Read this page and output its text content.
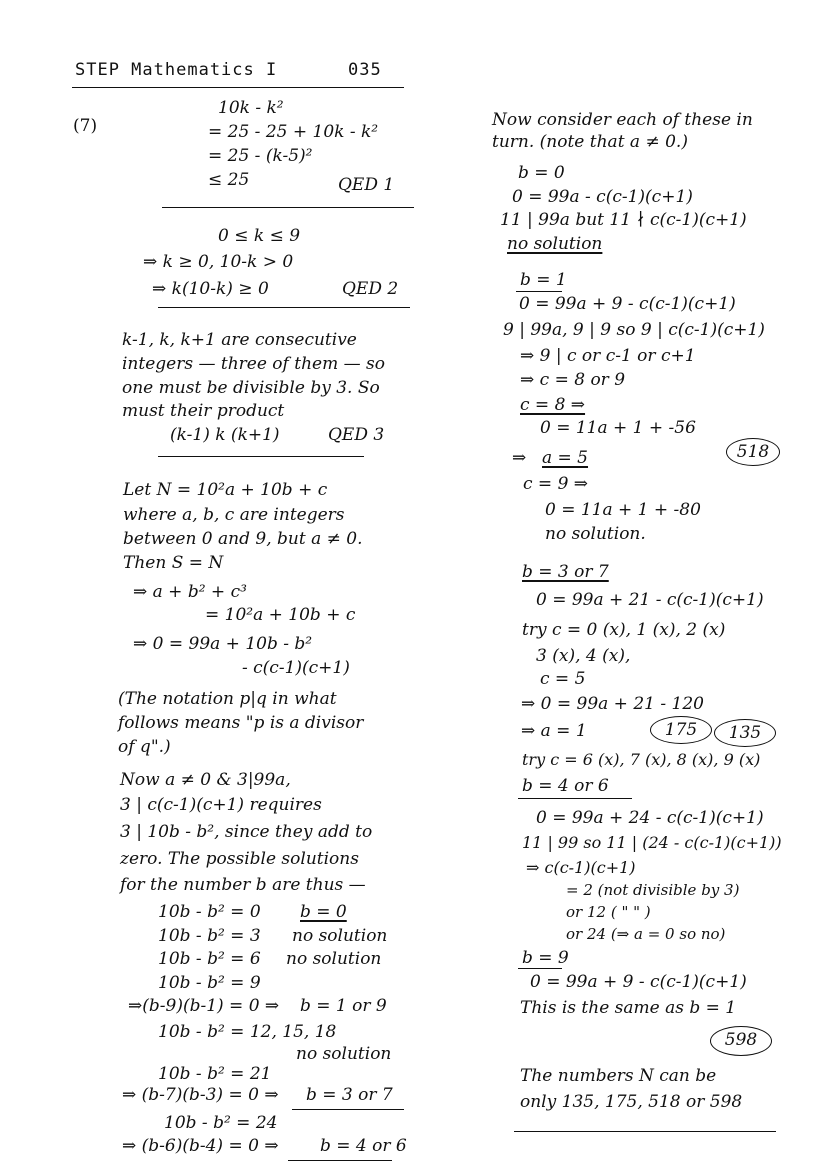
STEP Mathematics I	035
(7)
10k - k²
= 25 - 25 + 10k - k²
= 25 - (k-5)²
≤ 25	QED 1
0 ≤ k ≤ 9
⇒ k ≥ 0, 10-k > 0
⇒ k(10-k) ≥ 0	QED 2
k-1, k, k+1 are consecutive
integers — three of them — so
one must be divisible by 3. So
must their product
(k-1) k (k+1)	QED 3
Let N = 10²a + 10b + c
where a, b, c are integers
between 0 and 9, but a ≠ 0.
Then S = N
⇒ a + b² + c³
= 10²a + 10b + c
⇒ 0 = 99a + 10b - b²
- c(c-1)(c+1)
(The notation p|q in what
follows means "p is a divisor
of q".)
Now a ≠ 0 & 3|99a,
3 | c(c-1)(c+1) requires
3 | 10b - b², since they add to
zero. The possible solutions
for the number b are thus —
10b - b² = 0 b = 0
10b - b² = 3 no solution
10b - b² = 6 no solution
10b - b² = 9
⇒(b-9)(b-1) = 0 ⇒ b = 1 or 9
10b - b² = 12, 15, 18
no solution
10b - b² = 21
⇒ (b-7)(b-3) = 0 ⇒ b = 3 or 7
10b - b² = 24
⇒ (b-6)(b-4) = 0 ⇒ b = 4 or 6
Now consider each of these in
turn. (note that a ≠ 0.)
b = 0
0 = 99a - c(c-1)(c+1)
11 | 99a but 11 ∤ c(c-1)(c+1)
no solution
b = 1
0 = 99a + 9 - c(c-1)(c+1)
9 | 99a, 9 | 9 so 9 | c(c-1)(c+1)
⇒ 9 | c or c-1 or c+1
⇒ c = 8 or 9
c = 8 ⇒
0 = 11a + 1 + -56
⇒ a = 5	518
c = 9 ⇒
0 = 11a + 1 + -80
no solution.
b = 3 or 7
0 = 99a + 21 - c(c-1)(c+1)
try c = 0 (x), 1 (x), 2 (x)
3 (x), 4 (x),
c = 5
⇒ 0 = 99a + 21 - 120
⇒ a = 1	175	135
try c = 6 (x), 7 (x), 8 (x), 9 (x)
b = 4 or 6
0 = 99a + 24 - c(c-1)(c+1)
11 | 99 so 11 | (24 - c(c-1)(c+1))
⇒ c(c-1)(c+1)
= 2 (not divisible by 3)
or 12 ( " " )
or 24 (⇒ a = 0 so no)
b = 9
0 = 99a + 9 - c(c-1)(c+1)
This is the same as b = 1
598
The numbers N can be
only 135, 175, 518 or 598
